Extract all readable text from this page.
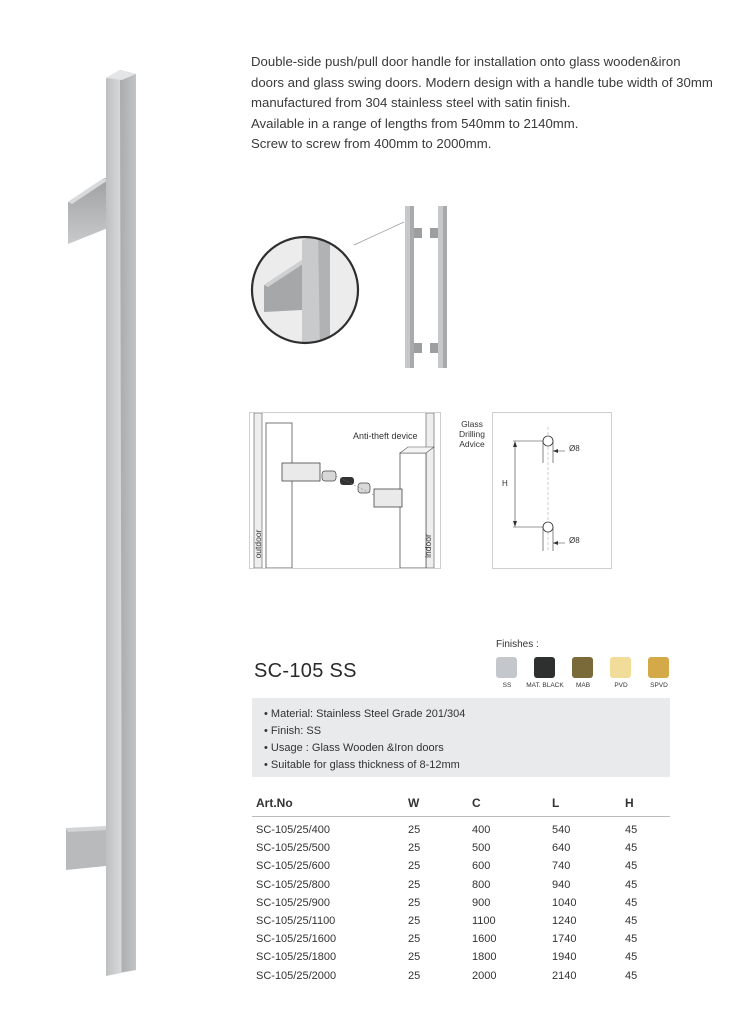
Double-side push/pull door handle for installation onto glass wooden&iron
doors and glass swing doors. Modern design with a handle tube width of 30mm
manufactured from 304 stainless steel with satin finish.
Available in a range of lengths from 540mm to 2140mm.
Screw to screw from 400mm to 2000mm.
Anti-theft device
outdoor	indoor
Glass
Drilling
Advice	Ø8
Ø8
H
SC-105 SS
Finishes :
SS	MAT. BLACK	MAB	PVD	SPVD
• Material: Stainless Steel Grade 201/304
• Finish: SS
• Usage : Glass Wooden &Iron doors
• Suitable for glass thickness of 8-12mm
Art.No	W	C	L	H
SC-105/25/400	25	400	540	45
SC-105/25/500	25	500	640	45
SC-105/25/600	25	600	740	45
SC-105/25/800	25	800	940	45
SC-105/25/900	25	900	1040	45
SC-105/25/1100	25	1100	1240	45
SC-105/25/1600	25	1600	1740	45
SC-105/25/1800	25	1800	1940	45
SC-105/25/2000	25	2000	2140	45
